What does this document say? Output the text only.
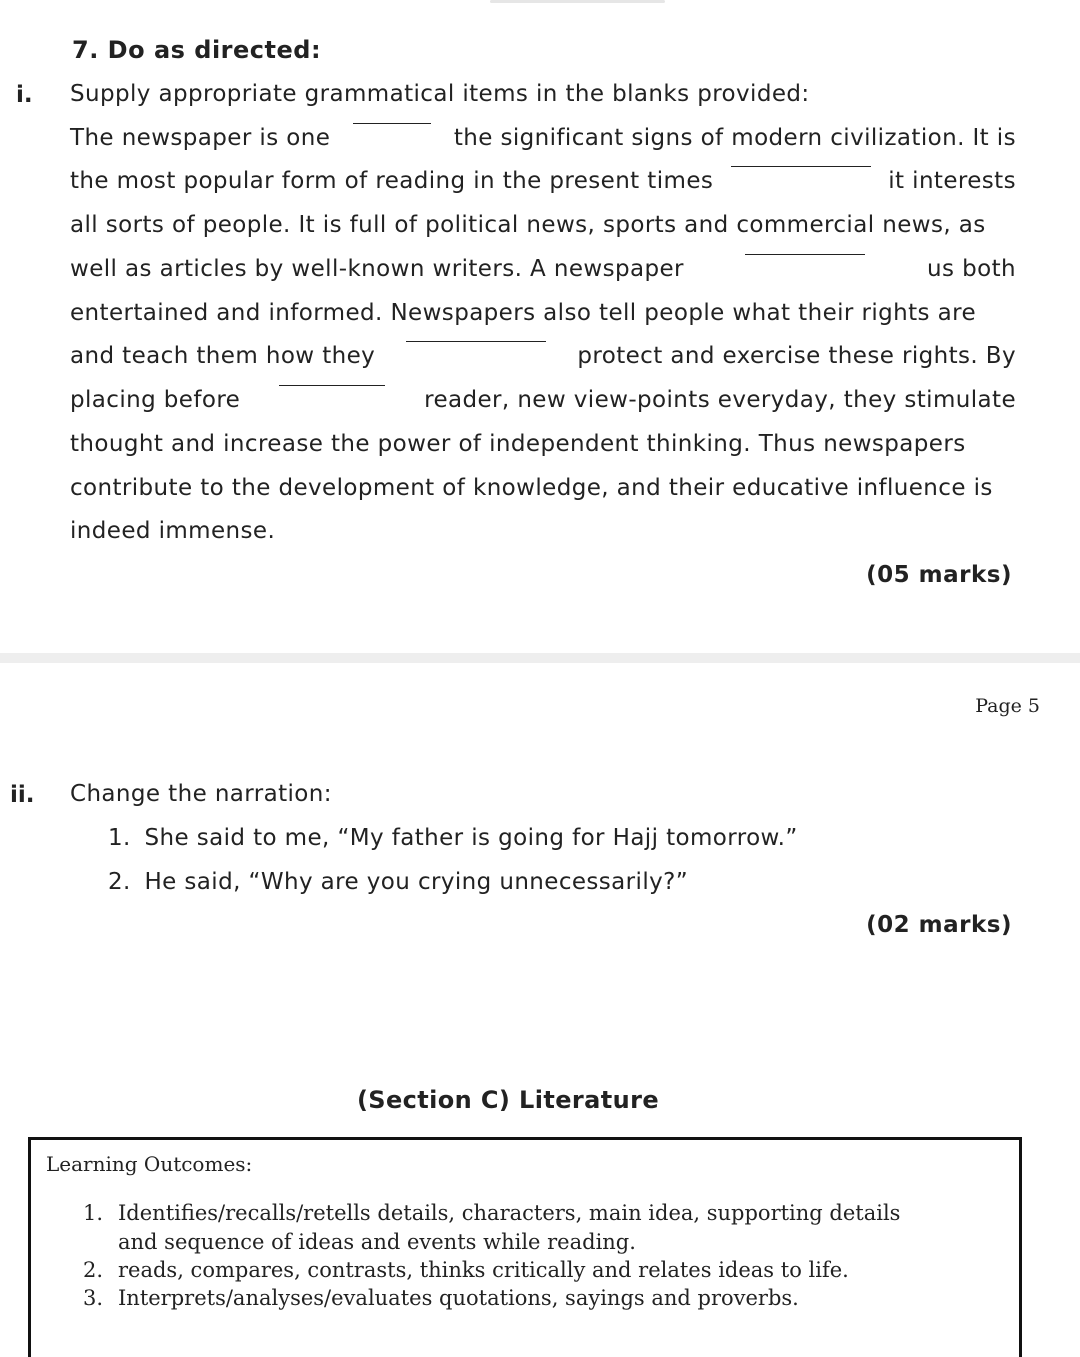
7. Do as directed:
i. Supply appropriate grammatical items in the blanks provided:
The newspaper is one	the significant signs of modern civilization. It is
the most popular form of reading in the present times	it interests
all sorts of people. It is full of political news, sports and commercial news, as
well as articles by well-known writers. A newspaper	us both
entertained and informed. Newspapers also tell people what their rights are
and teach them how they	protect and exercise these rights. By
placing before	reader, new view-points everyday, they stimulate
thought and increase the power of independent thinking. Thus newspapers
contribute to the development of knowledge, and their educative influence is
indeed immense.
(05 marks)
Page 5
ii. Change the narration:
1. She said to me, “My father is going for Hajj tomorrow.”
2. He said, “Why are you crying unnecessarily?”
(02 marks)
(Section C) Literature
Learning Outcomes:
1. Identifies/recalls/retells details, characters, main idea, supporting details
and sequence of ideas and events while reading.
2. reads, compares, contrasts, thinks critically and relates ideas to life.
3. Interprets/analyses/evaluates quotations, sayings and proverbs.
